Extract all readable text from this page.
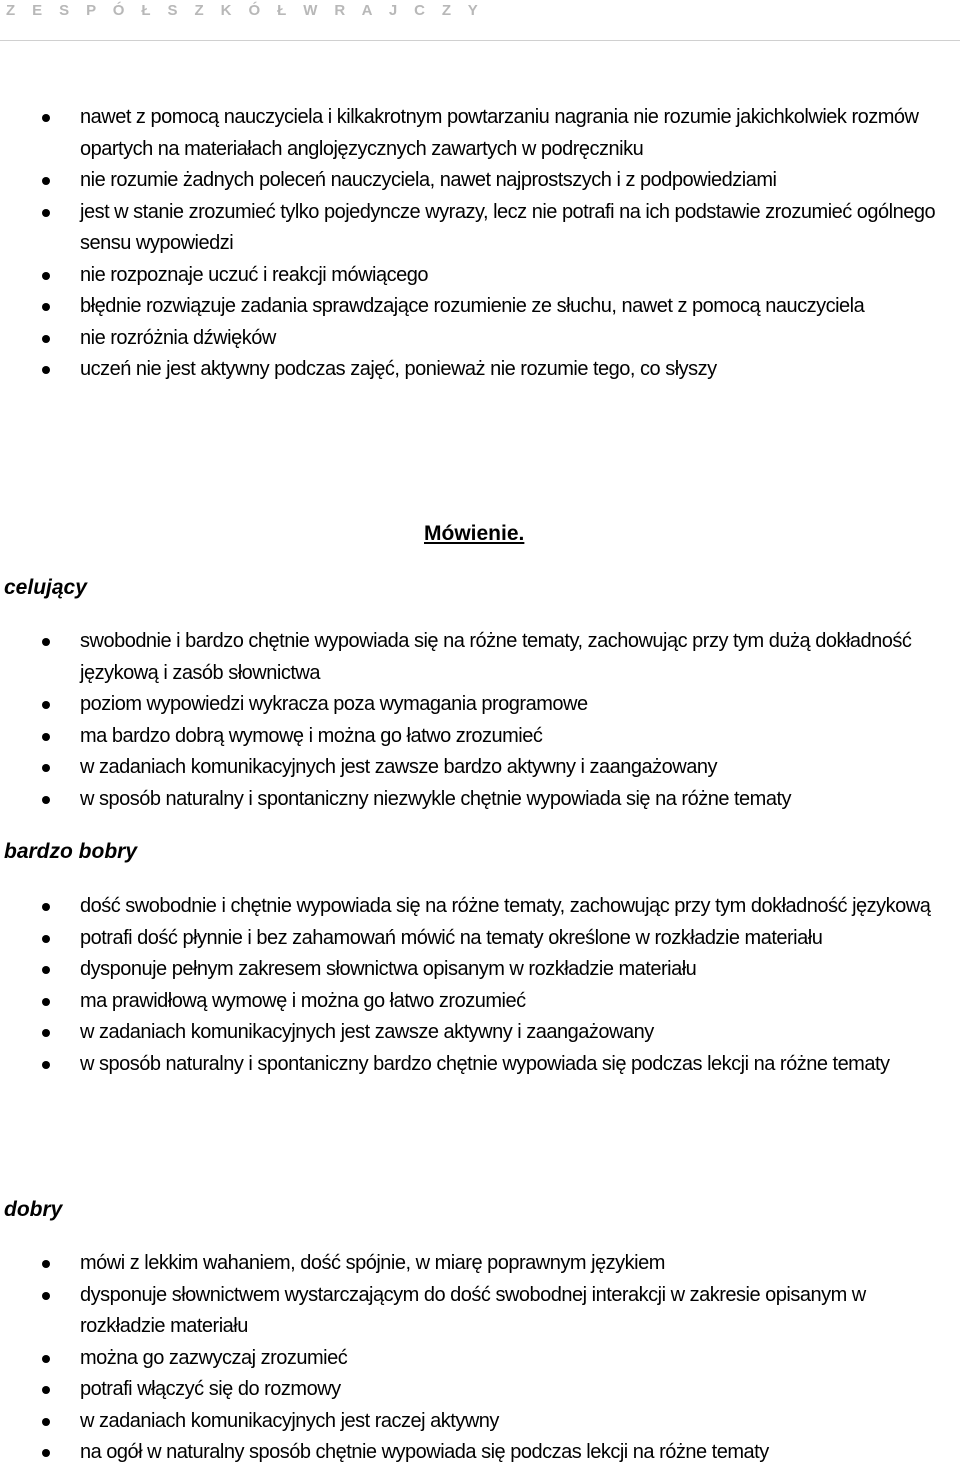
Z E S P Ó Ł S Z K Ó Ł W R A J C Z Y
nawet z pomocą nauczyciela i kilkakrotnym powtarzaniu nagrania nie rozumie jakichkolwiek rozmów opartych na materiałach anglojęzycznych zawartych w podręczniku
nie rozumie żadnych poleceń nauczyciela, nawet najprostszych i z podpowiedziami
jest w stanie zrozumieć tylko pojedyncze wyrazy, lecz nie potrafi na ich podstawie zrozumieć ogólnego sensu wypowiedzi
nie rozpoznaje uczuć i reakcji mówiącego
błędnie rozwiązuje zadania sprawdzające rozumienie ze słuchu, nawet z pomocą nauczyciela
nie rozróżnia dźwięków
uczeń nie jest aktywny podczas zajęć, ponieważ nie rozumie tego, co słyszy
Mówienie.
celujący
swobodnie i bardzo chętnie wypowiada się na różne tematy, zachowując przy tym dużą dokładność językową i zasób słownictwa
poziom wypowiedzi wykracza poza wymagania programowe
ma bardzo dobrą wymowę i można go łatwo zrozumieć
w zadaniach komunikacyjnych jest zawsze bardzo aktywny i zaangażowany
w sposób naturalny i spontaniczny niezwykle chętnie wypowiada się na różne tematy
bardzo bobry
dość swobodnie i chętnie wypowiada się na różne tematy, zachowując przy tym dokładność językową
potrafi dość płynnie i bez zahamowań mówić na tematy określone w rozkładzie materiału
dysponuje pełnym zakresem słownictwa opisanym w rozkładzie materiału
ma prawidłową wymowę i można go łatwo zrozumieć
w zadaniach komunikacyjnych jest zawsze aktywny i zaangażowany
w sposób naturalny i spontaniczny bardzo chętnie wypowiada się podczas lekcji na różne tematy
dobry
mówi z lekkim wahaniem, dość spójnie, w miarę poprawnym językiem
dysponuje słownictwem wystarczającym do dość swobodnej interakcji w zakresie opisanym w rozkładzie materiału
można go zazwyczaj zrozumieć
potrafi włączyć się do rozmowy
w zadaniach komunikacyjnych jest raczej aktywny
na ogół w naturalny sposób chętnie wypowiada się podczas lekcji na różne tematy
